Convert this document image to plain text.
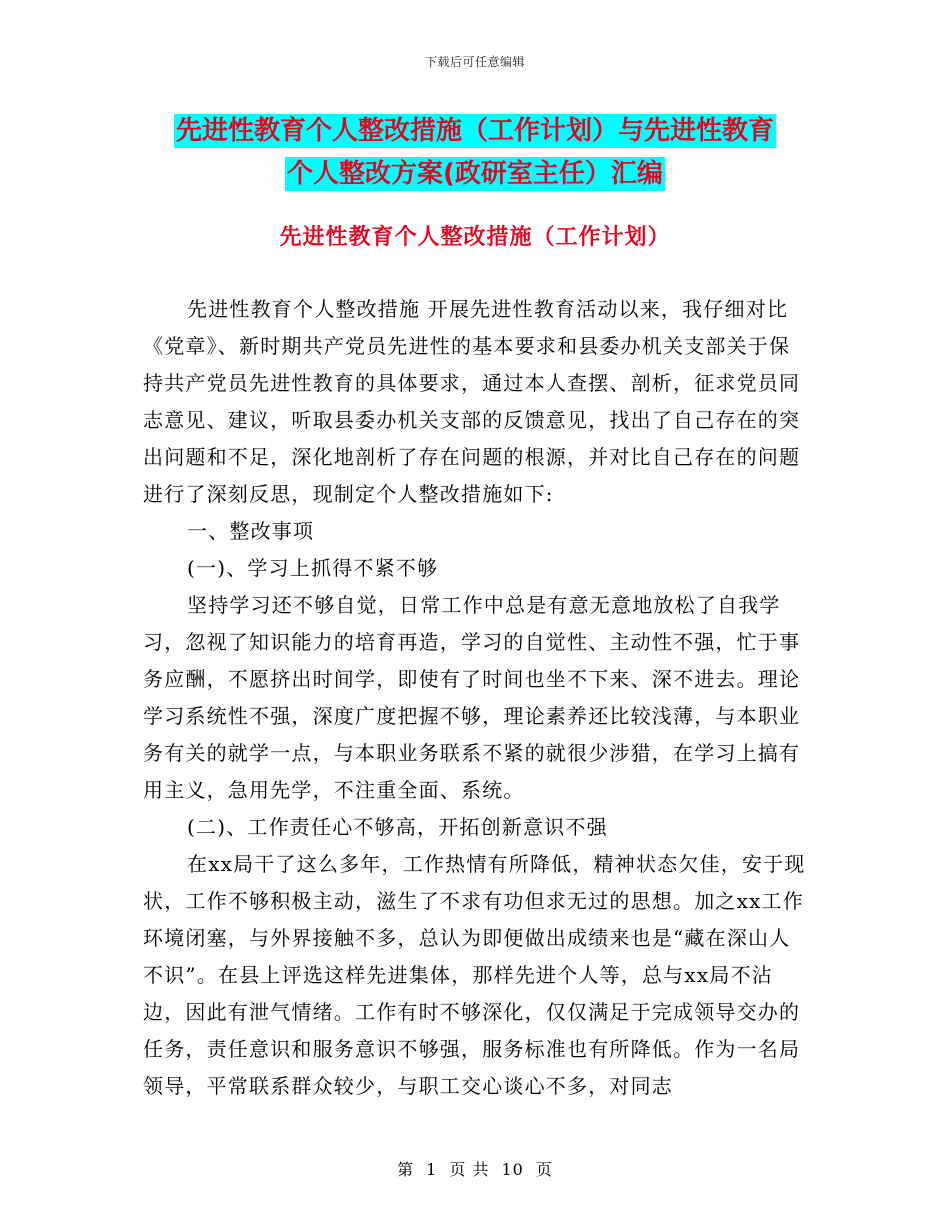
下载后可任意编辑
先进性教育个人整改措施（工作计划）与先进性教育
个人整改方案(政研室主任）汇编
先进性教育个人整改措施（工作计划）

先进性教育个人整改措施 开展先进性教育活动以来，我仔细对比《党章》、新时期共产党员先进性的基本要求和县委办机关支部关于保持共产党员先进性教育的具体要求，通过本人查摆、剖析，征求党员同志意见、建议，听取县委办机关支部的反馈意见，找出了自己存在的突出问题和不足，深化地剖析了存在问题的根源，并对比自己存在的问题进行了深刻反思，现制定个人整改措施如下:

一、整改事项

(一)、学习上抓得不紧不够

坚持学习还不够自觉，日常工作中总是有意无意地放松了自我学习，忽视了知识能力的培育再造，学习的自觉性、主动性不强，忙于事务应酬，不愿挤出时间学，即使有了时间也坐不下来、深不进去。理论学习系统性不强，深度广度把握不够，理论素养还比较浅薄，与本职业务有关的就学一点，与本职业务联系不紧的就很少涉猎，在学习上搞有用主义，急用先学，不注重全面、系统。

(二)、工作责任心不够高，开拓创新意识不强

在xx局干了这么多年，工作热情有所降低，精神状态欠佳，安于现状，工作不够积极主动，滋生了不求有功但求无过的思想。加之xx工作环境闭塞，与外界接触不多，总认为即便做出成绩来也是“藏在深山人不识”。在县上评选这样先进集体，那样先进个人等，总与xx局不沾边，因此有泄气情绪。工作有时不够深化，仅仅满足于完成领导交办的任务，责任意识和服务意识不够强，服务标准也有所降低。作为一名局领导，平常联系群众较少，与职工交心谈心不多，对同志

第 1 页 共 10 页
